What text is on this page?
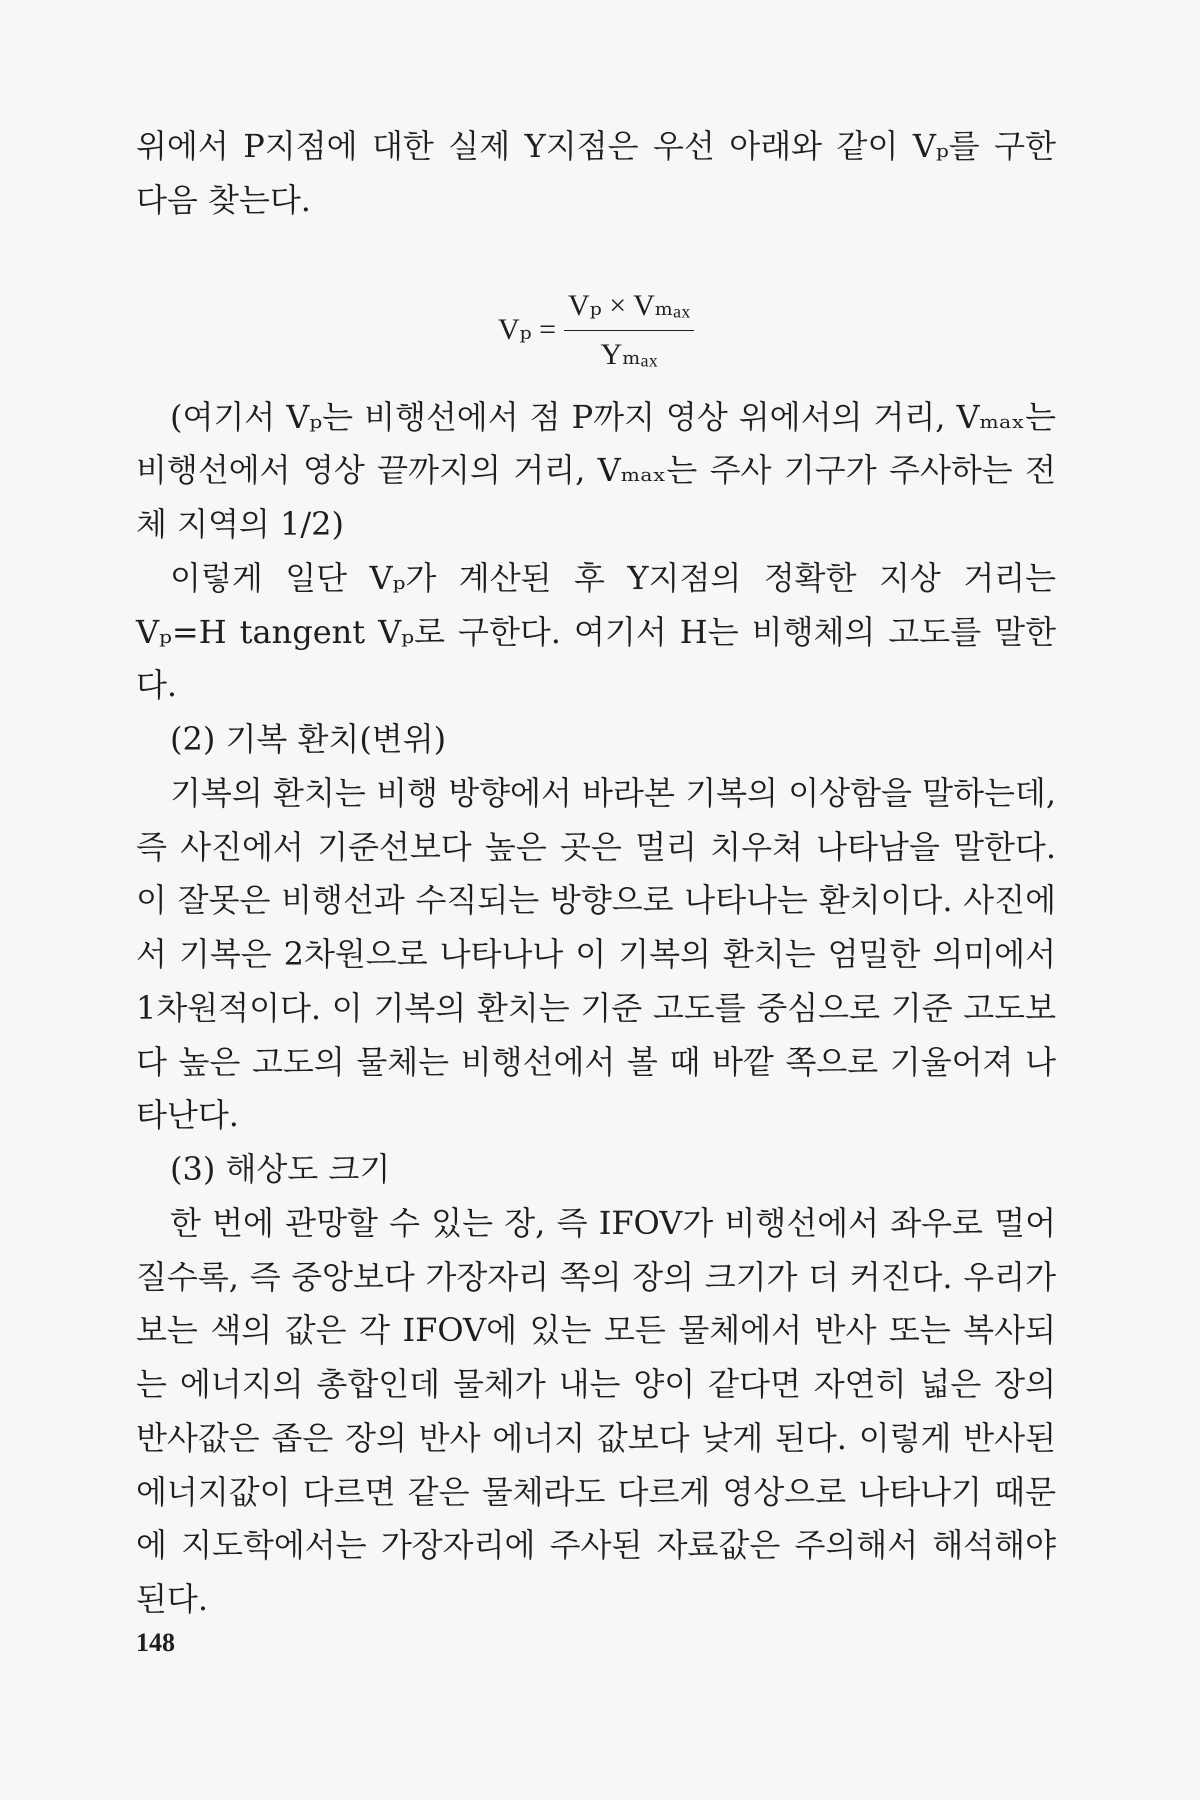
위에서 P지점에 대한 실제 Y지점은 우선 아래와 같이 Vₚ를 구한 다음 찾는다.

$V_p = \frac{\text{Vₚ × Vₘₐₓ}}{\text{Yₘₐₓ}}$

(여기서 Vₚ는 비행선에서 점 P까지 영상 위에서의 거리, Vₘₐₓ는 비행선에서 영상 끝까지의 거리, Vₘₐₓ는 주사 기구가 주사하는 전체 지역의 1/2)

이렇게 일단 Vₚ가 계산된 후 Y지점의 정확한 지상 거리는 Vₚ=H tangent Vₚ로 구한다. 여기서 H는 비행체의 고도를 말한다.

(2) 기복 환치(변위)

기복의 환치는 비행 방향에서 바라본 기복의 이상함을 말하는데, 즉 사진에서 기준선보다 높은 곳은 멀리 치우쳐 나타남을 말한다. 이 잘못은 비행선과 수직되는 방향으로 나타나는 환치이다. 사진에서 기복은 2차원으로 나타나나 이 기복의 환치는 엄밀한 의미에서 1차원적이다. 이 기복의 환치는 기준 고도를 중심으로 기준 고도보다 높은 고도의 물체는 비행선에서 볼 때 바깥 쪽으로 기울어져 나타난다.

(3) 해상도 크기

한 번에 관망할 수 있는 장, 즉 IFOV가 비행선에서 좌우로 멀어질수록, 즉 중앙보다 가장자리 쪽의 장의 크기가 더 커진다. 우리가 보는 색의 값은 각 IFOV에 있는 모든 물체에서 반사 또는 복사되는 에너지의 총합인데 물체가 내는 양이 같다면 자연히 넓은 장의 반사값은 좁은 장의 반사 에너지 값보다 낮게 된다. 이렇게 반사된 에너지값이 다르면 같은 물체라도 다르게 영상으로 나타나기 때문에 지도학에서는 가장자리에 주사된 자료값은 주의해서 해석해야 된다.

148
